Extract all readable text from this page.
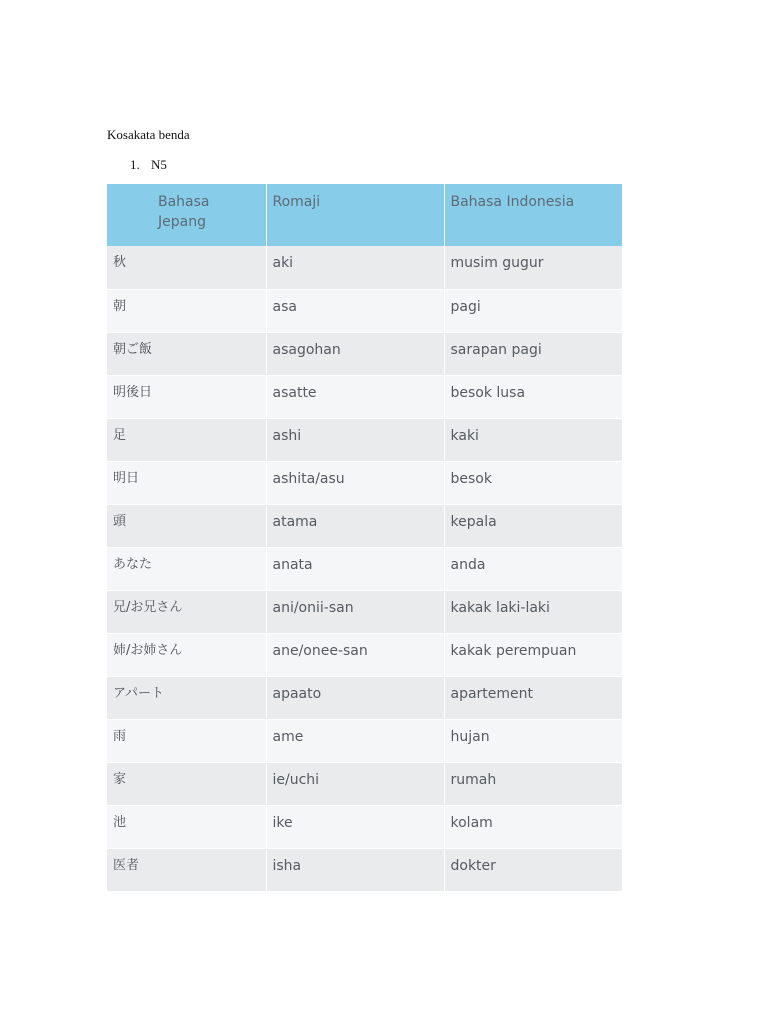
Kosakata benda

1. N5
Bahasa Jepang	Romaji	Bahasa Indonesia
秋	aki	musim gugur
朝	asa	pagi
朝ご飯	asagohan	sarapan pagi
明後日	asatte	besok lusa
足	ashi	kaki
明日	ashita/asu	besok
頭	atama	kepala
あなた	anata	anda
兄/お兄さん	ani/onii-san	kakak laki-laki
姉/お姉さん	ane/onee-san	kakak perempuan
アパート	apaato	apartement
雨	ame	hujan
家	ie/uchi	rumah
池	ike	kolam
医者	isha	dokter
